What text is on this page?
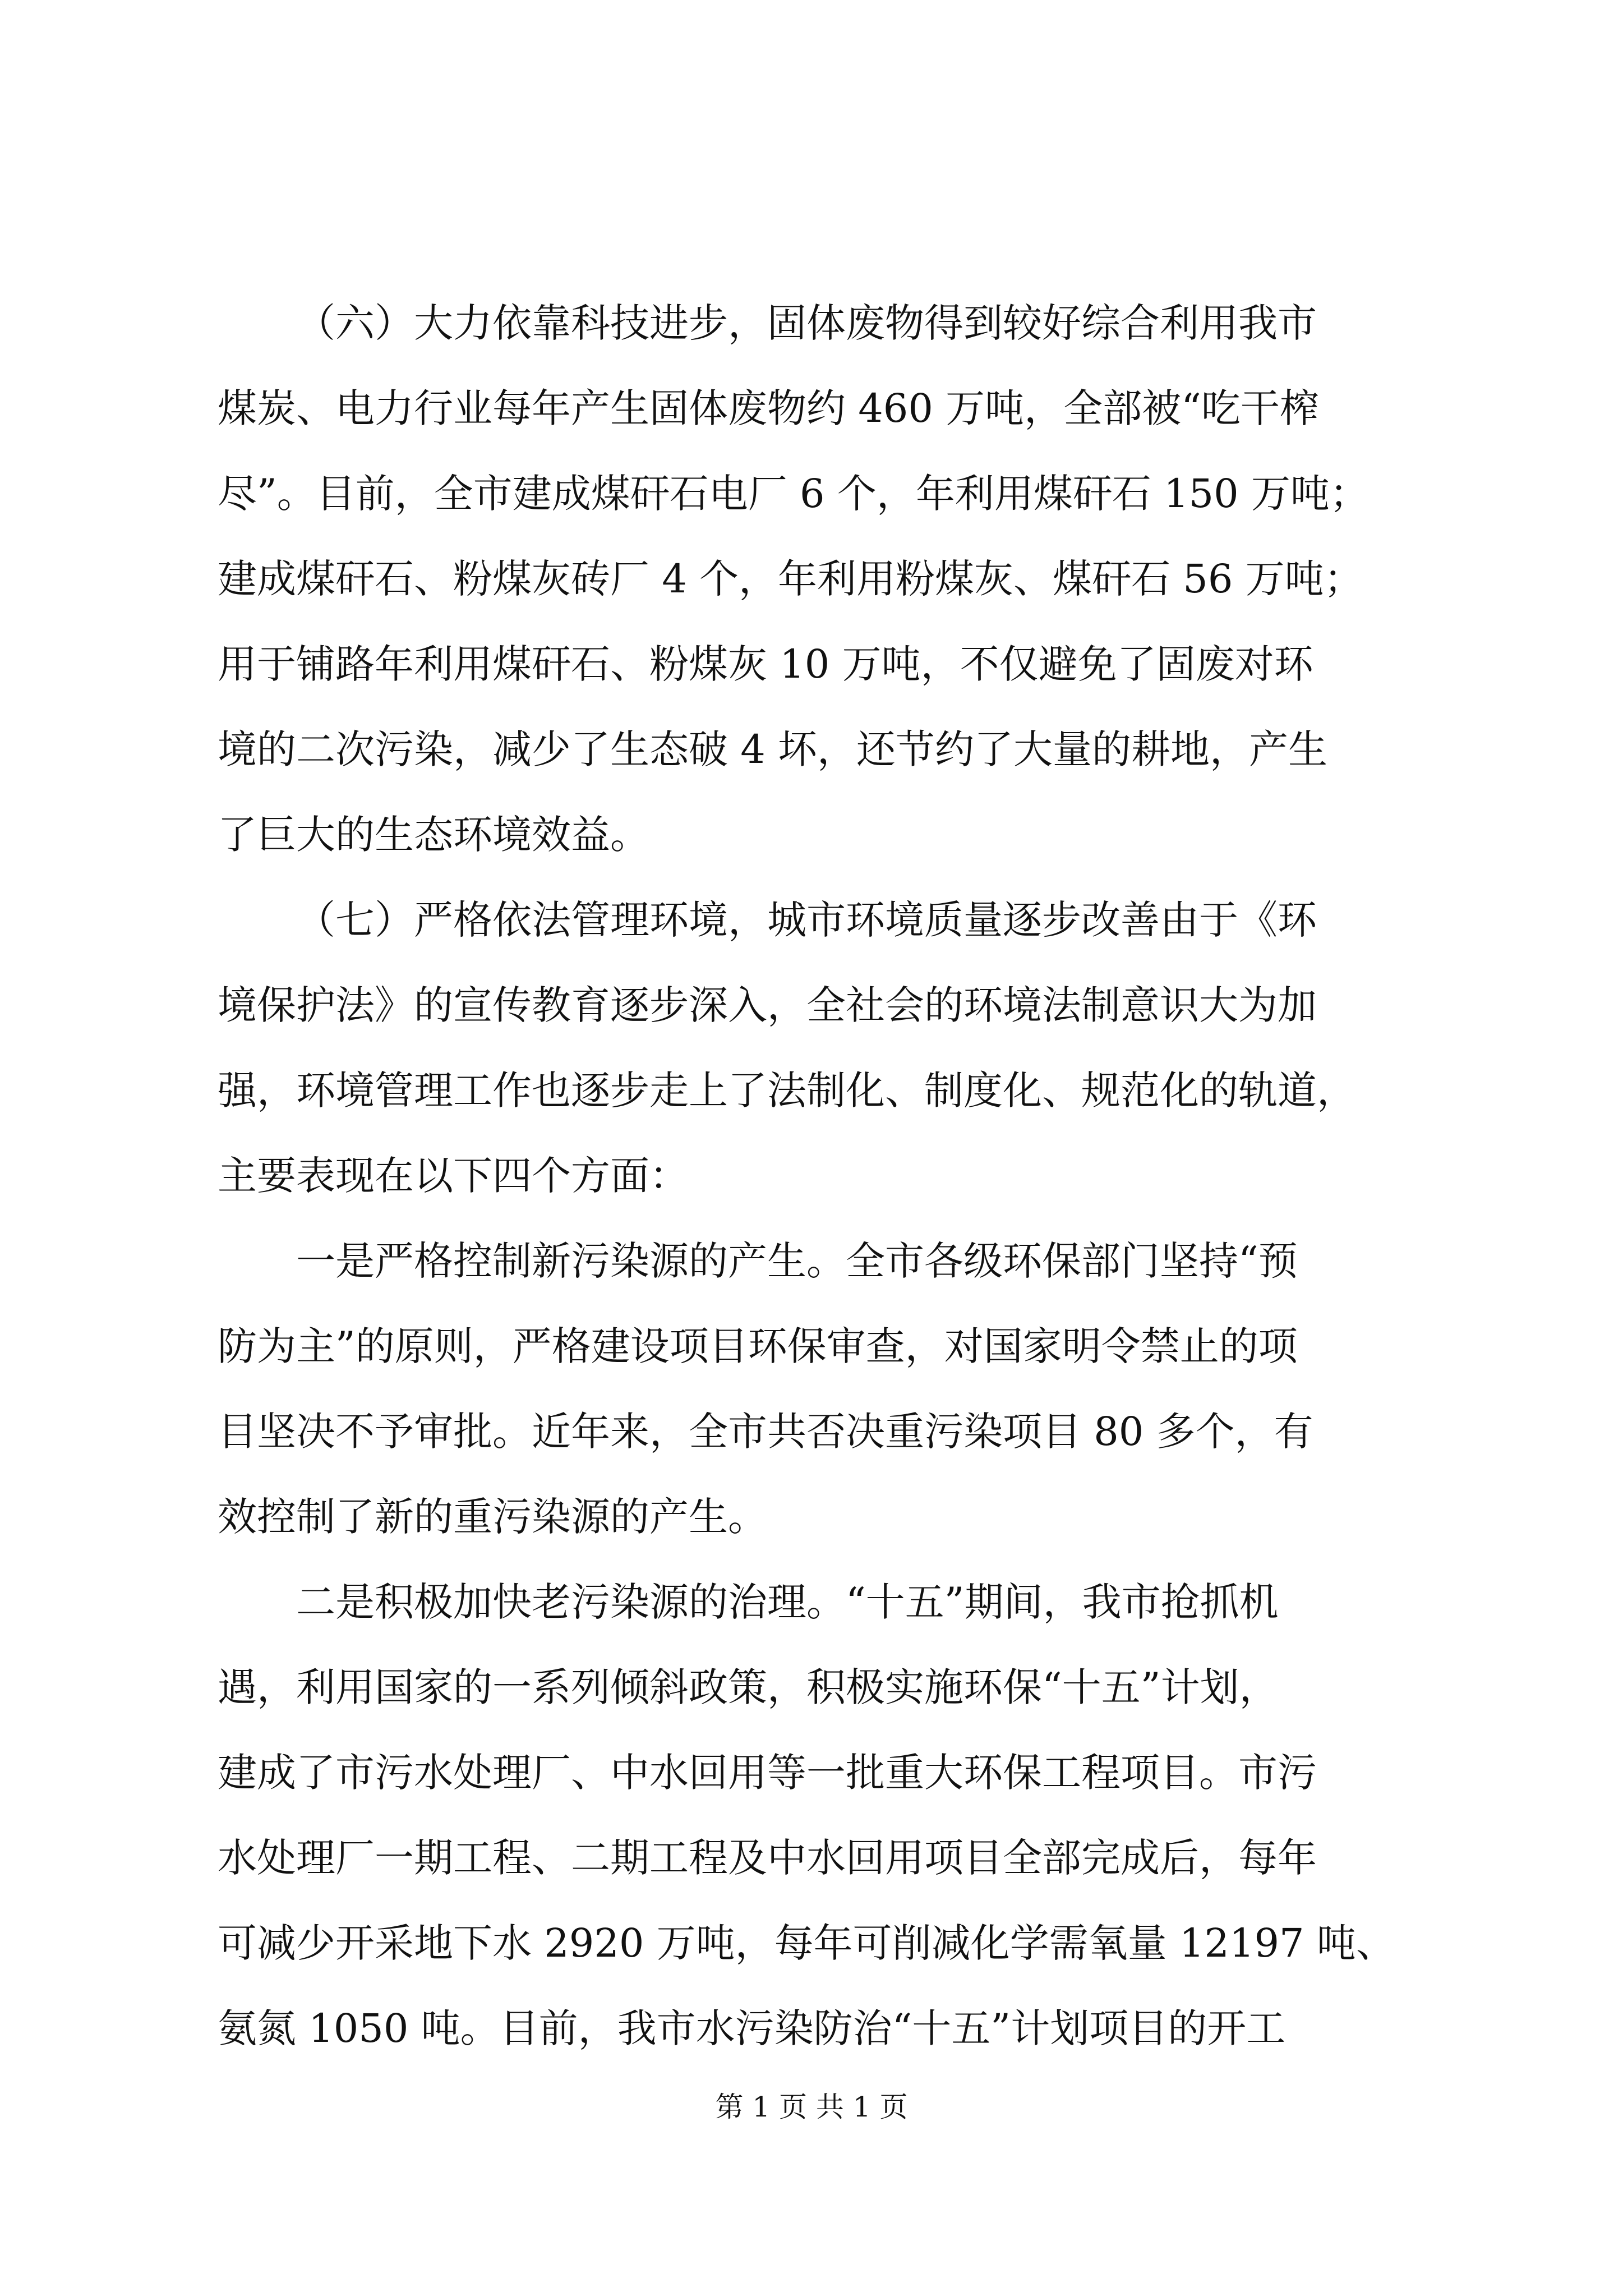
（六）大力依靠科技进步，固体废物得到较好综合利用我市
煤炭、电力行业每年产生固体废物约 460 万吨，全部被“吃干榨
尽”。目前，全市建成煤矸石电厂 6 个，年利用煤矸石 150 万吨；
建成煤矸石、粉煤灰砖厂 4 个，年利用粉煤灰、煤矸石 56 万吨；
用于铺路年利用煤矸石、粉煤灰 10 万吨，不仅避免了固废对环
境的二次污染，减少了生态破 4 坏，还节约了大量的耕地，产生
了巨大的生态环境效益。
（七）严格依法管理环境，城市环境质量逐步改善由于《环
境保护法》的宣传教育逐步深入，全社会的环境法制意识大为加
强，环境管理工作也逐步走上了法制化、制度化、规范化的轨道，
主要表现在以下四个方面：
一是严格控制新污染源的产生。全市各级环保部门坚持“预
防为主”的原则，严格建设项目环保审查，对国家明令禁止的项
目坚决不予审批。近年来，全市共否决重污染项目 80 多个，有
效控制了新的重污染源的产生。
二是积极加快老污染源的治理。“十五”期间，我市抢抓机
遇，利用国家的一系列倾斜政策，积极实施环保“十五”计划，
建成了市污水处理厂、中水回用等一批重大环保工程项目。市污
水处理厂一期工程、二期工程及中水回用项目全部完成后，每年
可减少开采地下水 2920 万吨，每年可削减化学需氧量 12197 吨、
氨氮 1050 吨。目前，我市水污染防治“十五”计划项目的开工
第 1 页 共 1 页
